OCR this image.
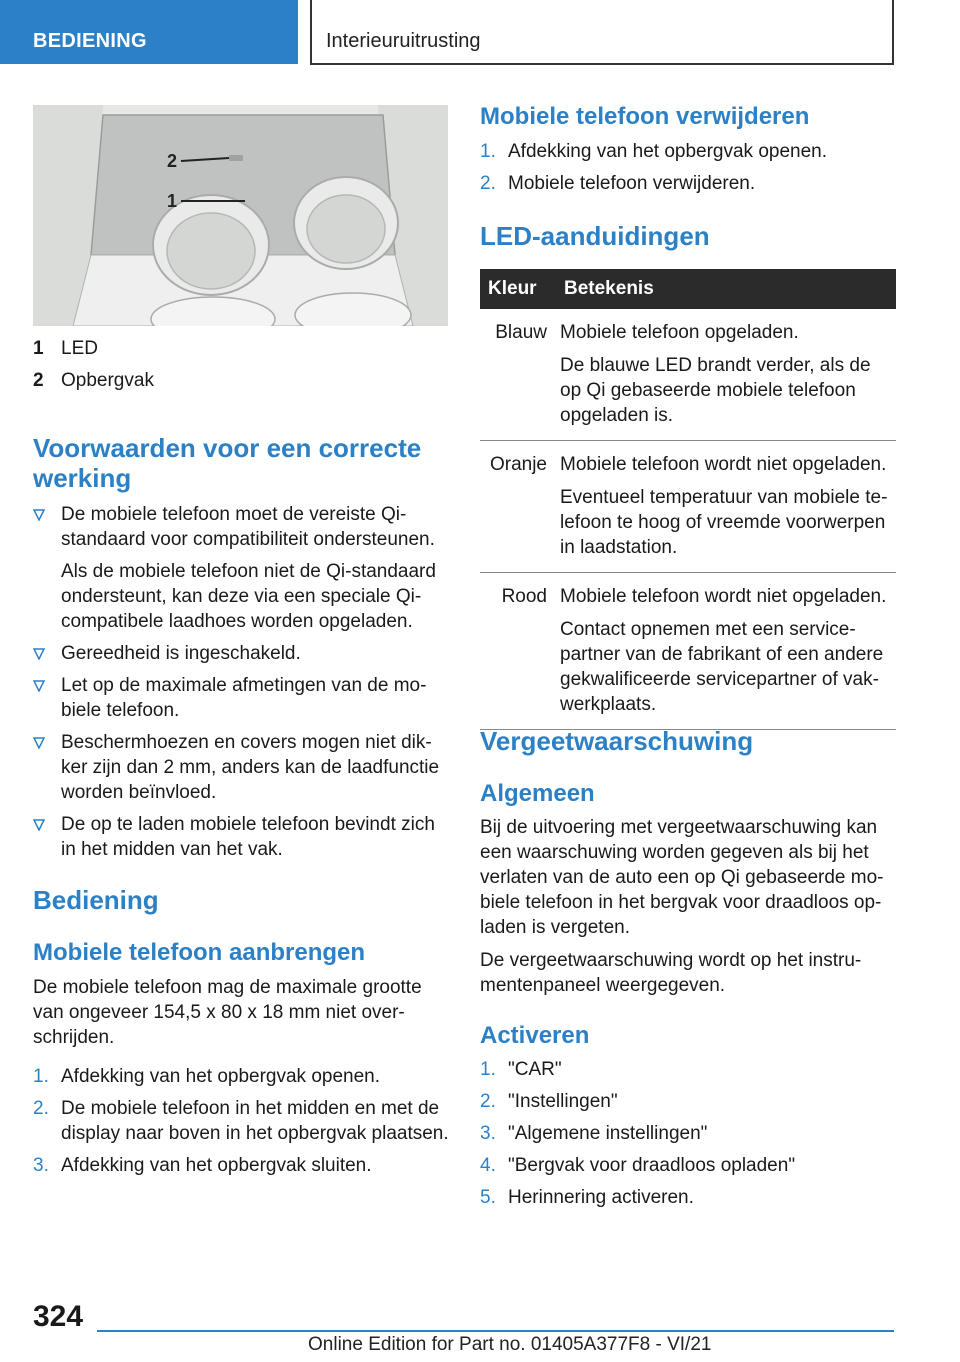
BEDIENING	Interieuruitrusting
2
1
1 LED
2 Opbergvak
Voorwaarden voor een correcte
werking

De mobiele telefoon moet de vereiste Qi-
standaard voor compatibiliteit ondersteunen.

Als de mobiele telefoon niet de Qi-standaard
ondersteunt, kan deze via een speciale Qi-
compatibele laadhoes worden opgeladen.

Gereedheid is ingeschakeld.

Let op de maximale afmetingen van de mo-
biele telefoon.

Beschermhoezen en covers mogen niet dik-
ker zijn dan 2 mm, anders kan de laadfunctie
worden beïnvloed.

De op te laden mobiele telefoon bevindt zich
in het midden van het vak.

Bediening
Mobiele telefoon aanbrengen

De mobiele telefoon mag de maximale grootte
van ongeveer 154,5 x 80 x 18 mm niet over-
schrijden.

1. Afdekking van het opbergvak openen.
2. De mobiele telefoon in het midden en met de
display naar boven in het opbergvak plaatsen.
3. Afdekking van het opbergvak sluiten.
Mobiele telefoon verwijderen
1. Afdekking van het opbergvak openen.
2. Mobiele telefoon verwijderen.
LED-aanduidingen
Kleur	Betekenis
Blauw	Mobiele telefoon opgeladen.

De blauwe LED brandt verder, als de
op Qi gebaseerde mobiele telefoon
opgeladen is.

Oranje	Mobiele telefoon wordt niet opgeladen.

Eventueel temperatuur van mobiele te-
lefoon te hoog of vreemde voorwerpen
in laadstation.

Rood	Mobiele telefoon wordt niet opgeladen.

Contact opnemen met een service-
partner van de fabrikant of een andere
gekwalificeerde servicepartner of vak-
werkplaats.

Vergeetwaarschuwing
Algemeen

Bij de uitvoering met vergeetwaarschuwing kan
een waarschuwing worden gegeven als bij het
verlaten van de auto een op Qi gebaseerde mo-
biele telefoon in het bergvak voor draadloos op-
laden is vergeten.

De vergeetwaarschuwing wordt op het instru-
mentenpaneel weergegeven.

Activeren
1. "CAR"
2. "Instellingen"
3. "Algemene instellingen"
4. "Bergvak voor draadloos opladen"
5. Herinnering activeren.
324
Online Edition for Part no. 01405A377F8 - VI/21
